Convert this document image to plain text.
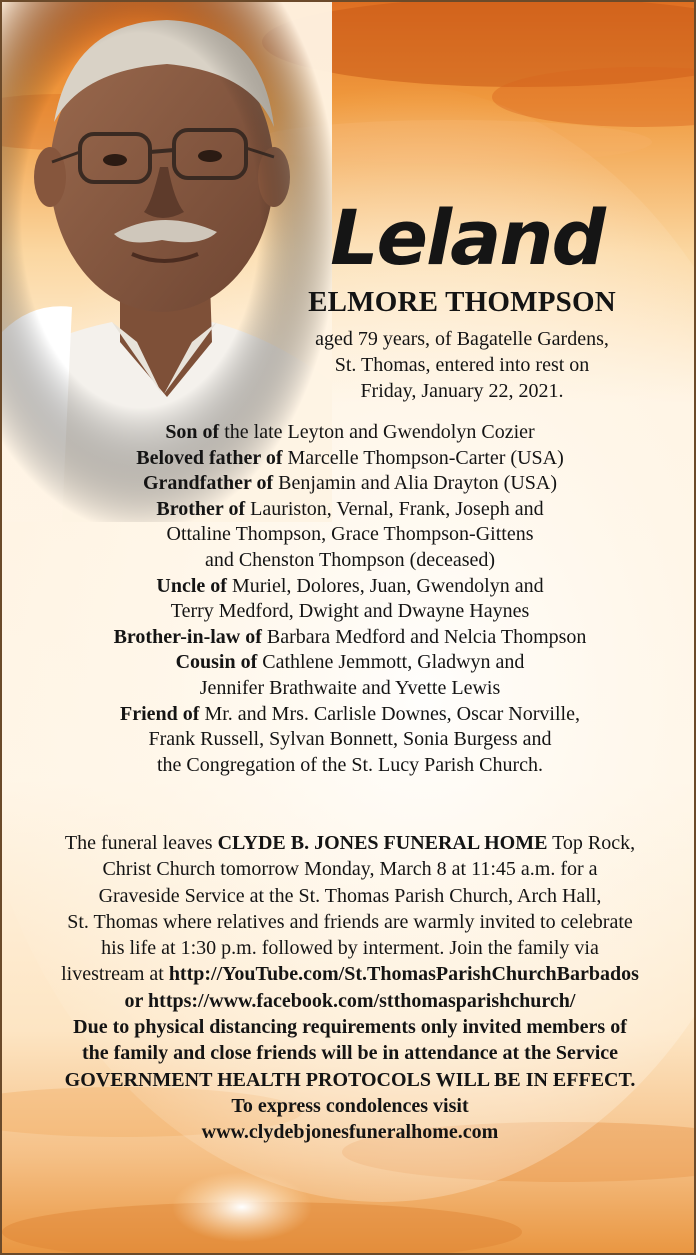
Leland
ELMORE THOMPSON

aged 79 years, of Bagatelle Gardens,
St. Thomas, entered into rest on
Friday, January 22, 2021.

Son of the late Leyton and Gwendolyn Cozier
Beloved father of Marcelle Thompson-Carter (USA)
Grandfather of Benjamin and Alia Drayton (USA)
Brother of Lauriston, Vernal, Frank, Joseph and
Ottaline Thompson, Grace Thompson-Gittens
and Chenston Thompson (deceased)
Uncle of Muriel, Dolores, Juan, Gwendolyn and
Terry Medford, Dwight and Dwayne Haynes
Brother-in-law of Barbara Medford and Nelcia Thompson
Cousin of Cathlene Jemmott, Gladwyn and
Jennifer Brathwaite and Yvette Lewis
Friend of Mr. and Mrs. Carlisle Downes, Oscar Norville,
Frank Russell, Sylvan Bonnett, Sonia Burgess and
the Congregation of the St. Lucy Parish Church.
The funeral leaves CLYDE B. JONES FUNERAL HOME Top Rock,
Christ Church tomorrow Monday, March 8 at 11:45 a.m. for a
Graveside Service at the St. Thomas Parish Church, Arch Hall,
St. Thomas where relatives and friends are warmly invited to celebrate
his life at 1:30 p.m. followed by interment. Join the family via
livestream at http://YouTube.com/St.ThomasParishChurchBarbados
or https://www.facebook.com/stthomasparishchurch/
Due to physical distancing requirements only invited members of
the family and close friends will be in attendance at the Service
GOVERNMENT HEALTH PROTOCOLS WILL BE IN EFFECT.
To express condolences visit
www.clydebjonesfuneralhome.com
